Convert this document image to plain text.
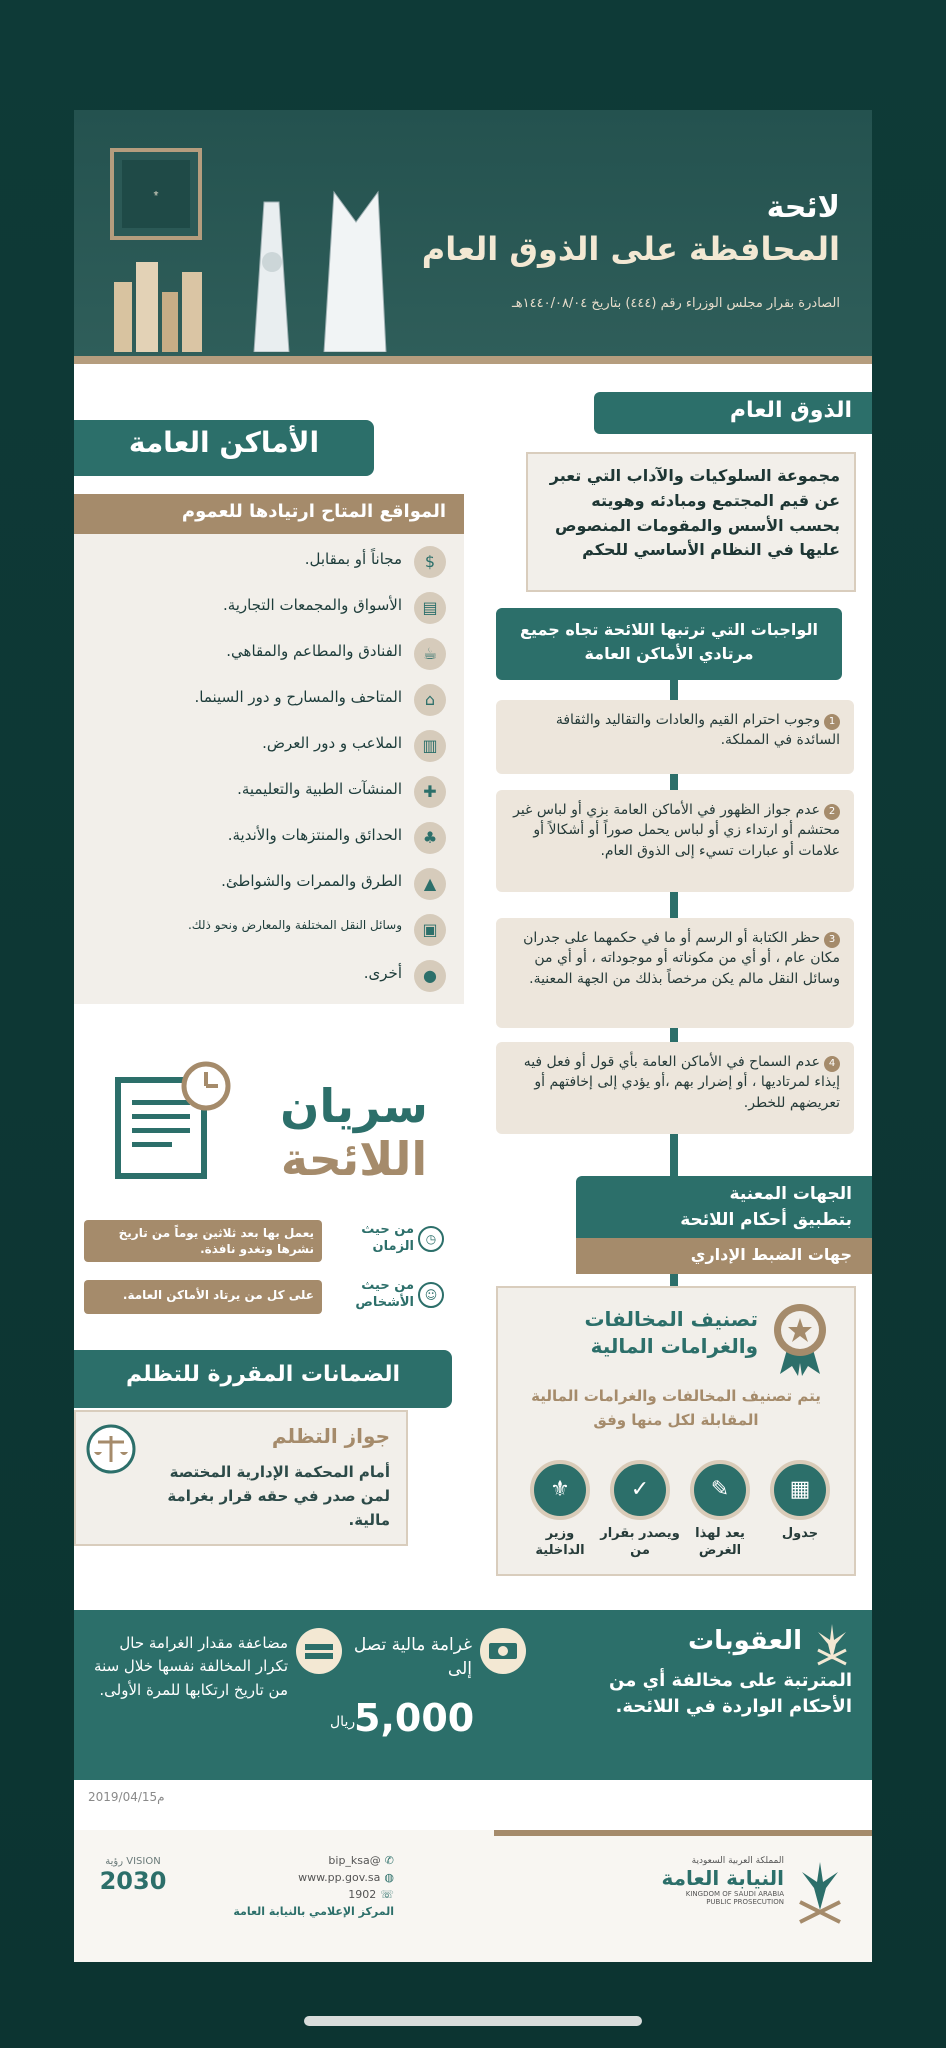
⚜	لائحة
المحافظة على الذوق العام
الصادرة بقرار مجلس الوزراء رقم (٤٤٤) بتاريخ ١٤٤٠/٠٨/٠٤هـ
الذوق العام
مجموعة السلوكيات والآداب التي تعبر عن قيم المجتمع ومبادئه وهويته بحسب الأسس والمقومات المنصوص عليها في النظام الأساسي للحكم
الواجبات التي ترتبها اللائحة تجاه جميع مرتادي الأماكن العامة
1وجوب احترام القيم والعادات والتقاليد والثقافة السائدة في المملكة.
2عدم جواز الظهور في الأماكن العامة بزي أو لباس غير محتشم أو ارتداء زي أو لباس يحمل صوراً أو أشكالاً أو علامات أو عبارات تسيء إلى الذوق العام.
3حظر الكتابة أو الرسم أو ما في حكمهما على جدران مكان عام ، أو أي من مكوناته أو موجوداته ، أو أي من وسائل النقل مالم يكن مرخصاً بذلك من الجهة المعنية.
4عدم السماح في الأماكن العامة بأي قول أو فعل فيه إيذاء لمرتاديها ، أو إضرار بهم ،أو يؤدي إلى إخافتهم أو تعريضهم للخطر.
الجهات المعنية
بتطبيق أحكام اللائحة
جهات الضبط الإداري
تصنيف المخالفات
والغرامات المالية
يتم تصنيف المخالفات والغرامات المالية المقابلة لكل منها وفق
▦
جدول
✎
يعد لهذا الغرض
✓
ويصدر بقرار من
⚜
وزير الداخلية
الأماكن العامة
المواقع المتاح ارتيادها للعموم
$
مجاناً أو بمقابل.
▤
الأسواق والمجمعات التجارية.
☕
الفنادق والمطاعم والمقاهي.
⌂
المتاحف والمسارح و دور السينما.
▥
الملاعب و دور العرض.
✚
المنشآت الطبية والتعليمية.
♣
الحدائق والمنتزهات والأندية.
▲
الطرق والممرات والشواطئ.
▣
وسائل النقل المختلفة والمعارض ونحو ذلك.
●
أخرى.
سريان
اللائحة
◷
من حيث الزمان
يعمل بها بعد ثلاثين يوماً من تاريخ نشرها وتغدو نافذة.
☺
من حيث الأشخاص
على كل من يرتاد الأماكن العامة.
الضمانات المقررة للتظلم
جواز التظلم
أمام المحكمة الإدارية المختصة لمن صدر في حقه قرار بغرامة مالية.
العقوبات
المترتبة على مخالفة أي من الأحكام الواردة في اللائحة.
غرامة مالية تصل إلى
5,000
ريال
مضاعفة مقدار الغرامة حال تكرار المخالفة نفسها خلال سنة من تاريخ ارتكابها للمرة الأولى.
2019/04/15م
VISION رؤية
2030
✆@bip_ksa
◍www.pp.gov.sa
☏1902
المركز الإعلامي بالنيابة العامة
المملكة العربية السعودية
النيابة العامة
KINGDOM OF SAUDI ARABIA
PUBLIC PROSECUTION
